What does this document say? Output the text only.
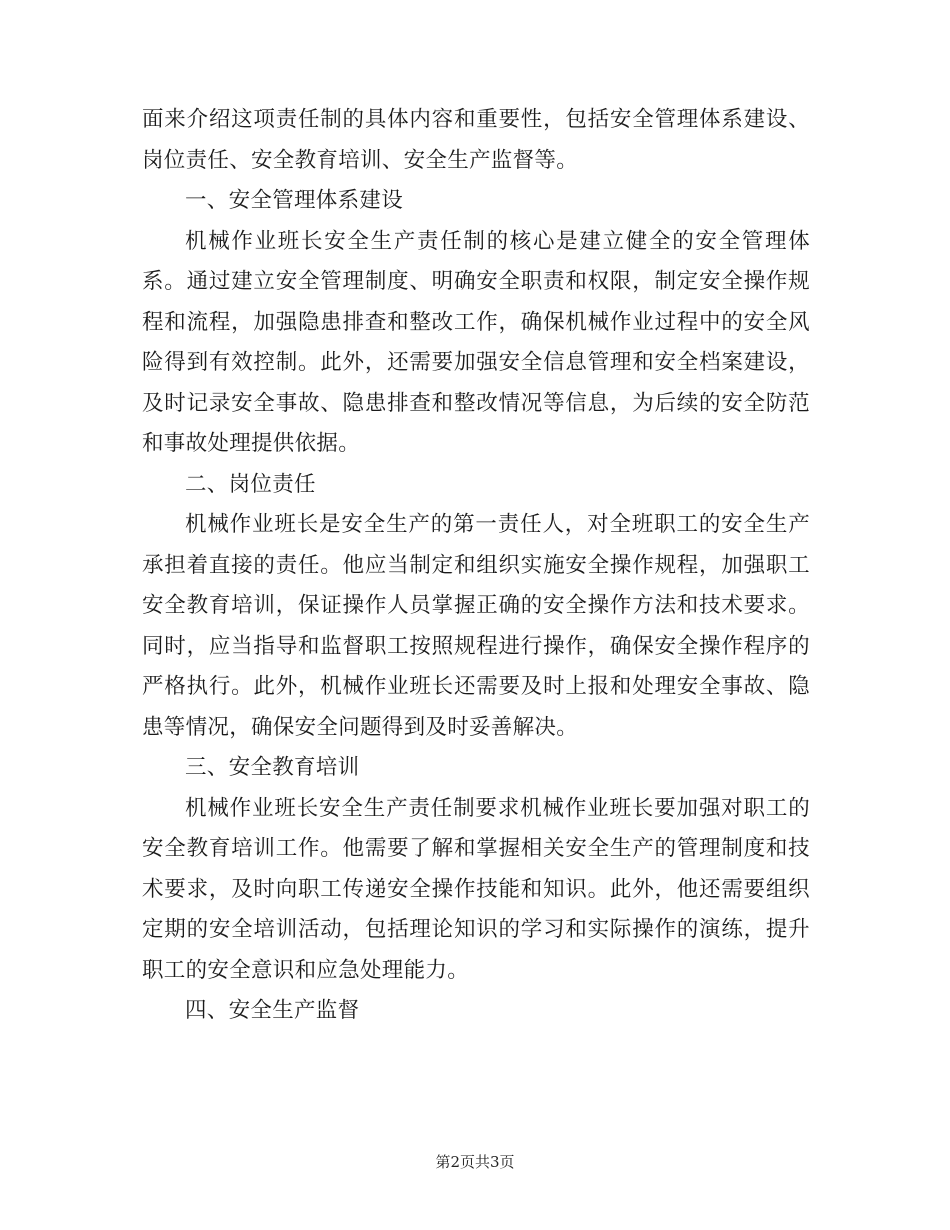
面来介绍这项责任制的具体内容和重要性，包括安全管理体系建设、岗位责任、安全教育培训、安全生产监督等。

一、安全管理体系建设

机械作业班长安全生产责任制的核心是建立健全的安全管理体系。通过建立安全管理制度、明确安全职责和权限，制定安全操作规程和流程，加强隐患排查和整改工作，确保机械作业过程中的安全风险得到有效控制。此外，还需要加强安全信息管理和安全档案建设，及时记录安全事故、隐患排查和整改情况等信息，为后续的安全防范和事故处理提供依据。

二、岗位责任

机械作业班长是安全生产的第一责任人，对全班职工的安全生产承担着直接的责任。他应当制定和组织实施安全操作规程，加强职工安全教育培训，保证操作人员掌握正确的安全操作方法和技术要求。同时，应当指导和监督职工按照规程进行操作，确保安全操作程序的严格执行。此外，机械作业班长还需要及时上报和处理安全事故、隐患等情况，确保安全问题得到及时妥善解决。

三、安全教育培训

机械作业班长安全生产责任制要求机械作业班长要加强对职工的安全教育培训工作。他需要了解和掌握相关安全生产的管理制度和技术要求，及时向职工传递安全操作技能和知识。此外，他还需要组织定期的安全培训活动，包括理论知识的学习和实际操作的演练，提升职工的安全意识和应急处理能力。

四、安全生产监督

第2页共3页
